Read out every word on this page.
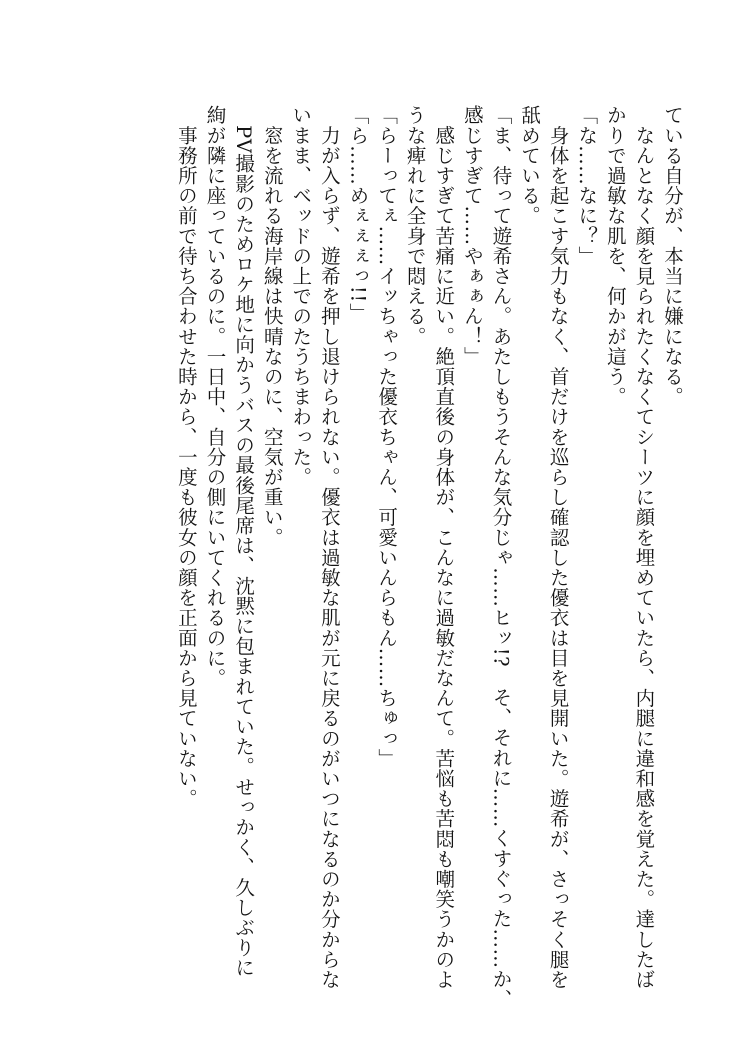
ている自分が、本当に嫌になる。
　なんとなく顔を見られたくなくてシーツに顔を埋めていたら、内腿に違和感を覚えた。達したば
かりで過敏な肌を、何かが這う。
「な……なに？」
　身体を起こす気力もなく、首だけを巡らし確認した優衣は目を見開いた。遊希が、さっそく腿を
舐めている。
「ま、待って遊希さん。あたしもうそんな気分じゃ……ヒッ!?　そ、それに……くすぐった……か、
感じすぎて……やぁぁん！」
　感じすぎて苦痛に近い。絶頂直後の身体が、こんなに過敏だなんて。苦悩も苦悶も嘲笑うかのよ
うな痺れに全身で悶える。
「らーってぇ……イッちゃった優衣ちゃん、可愛いんらもん……ちゅっ」
「ら……めぇぇぇっ!!」
　力が入らず、遊希を押し退けられない。優衣は過敏な肌が元に戻るのがいつになるのか分からな
いまま、ベッドの上でのたうちまわった。
　窓を流れる海岸線は快晴なのに、空気が重い。
　PV撮影のためロケ地に向かうバスの最後尾席は、沈黙に包まれていた。せっかく、久しぶりに
絢が隣に座っているのに。一日中、自分の側にいてくれるのに。
　事務所の前で待ち合わせた時から、一度も彼女の顔を正面から見ていない。
